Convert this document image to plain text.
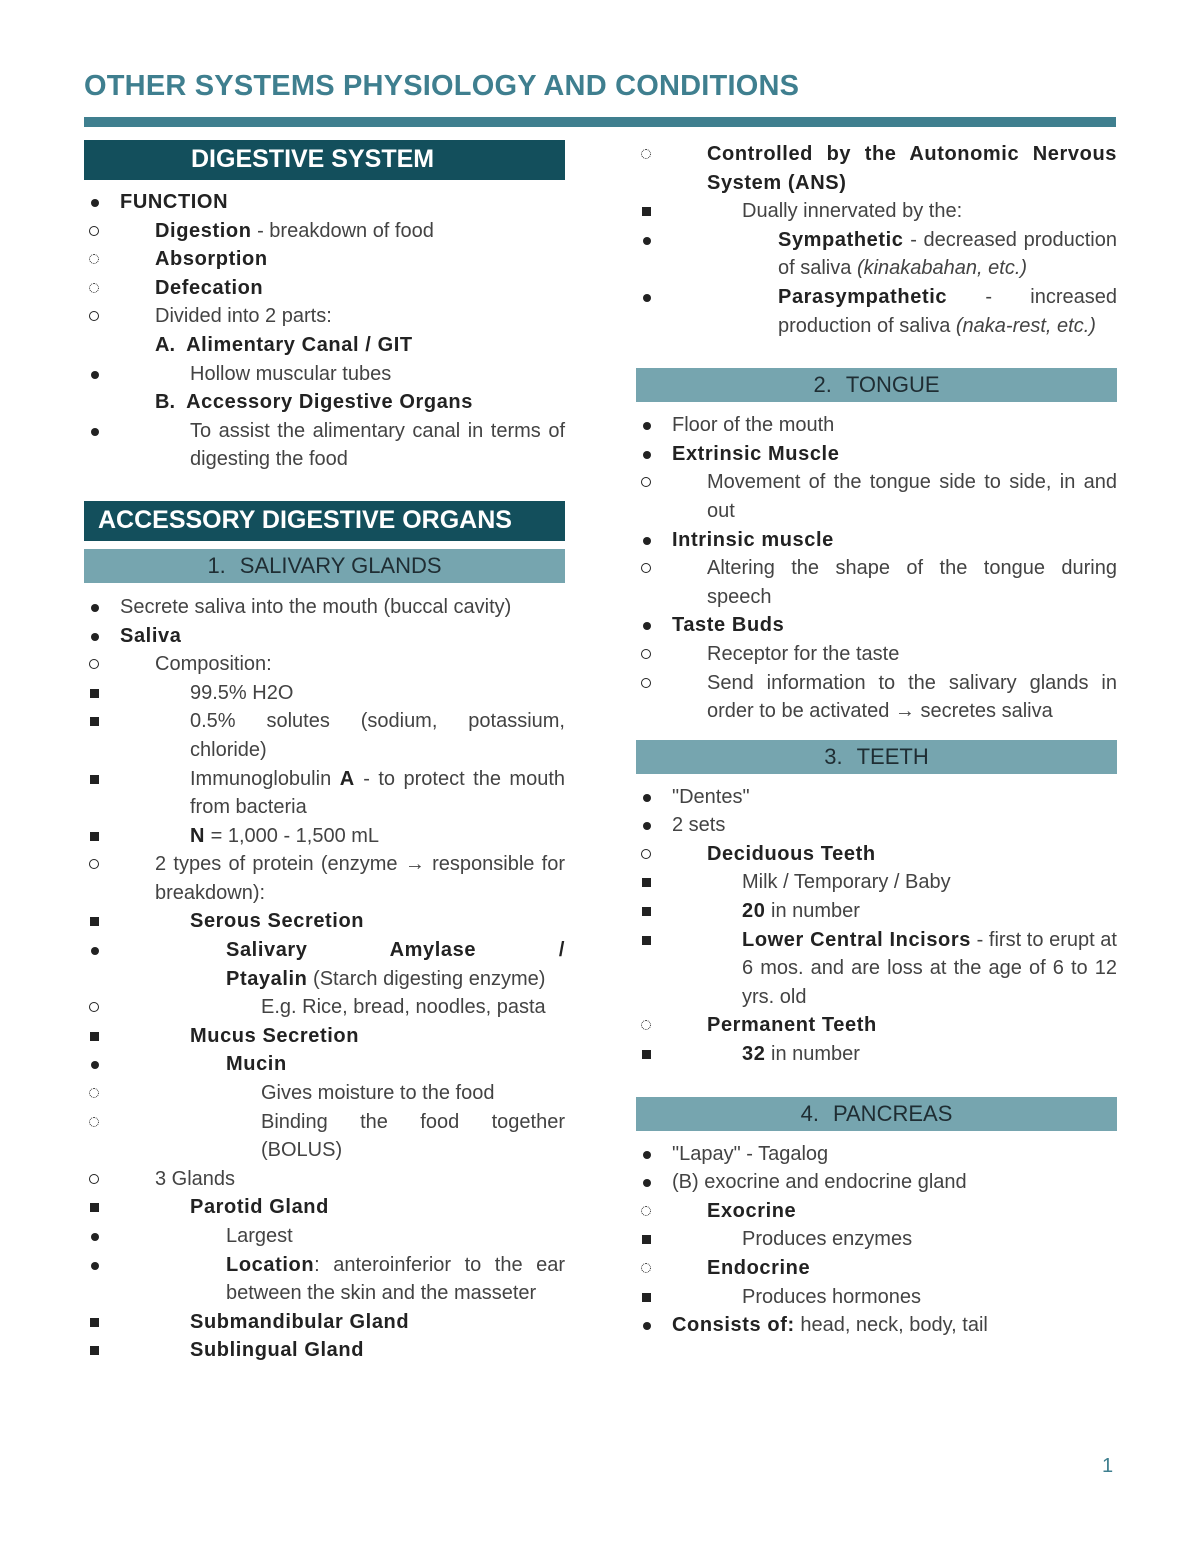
OTHER SYSTEMS PHYSIOLOGY AND CONDITIONS
DIGESTIVE SYSTEM
FUNCTION
Digestion - breakdown of food
Absorption
Defecation
Divided into 2 parts:
A. Alimentary Canal / GIT
Hollow muscular tubes
B. Accessory Digestive Organs
To assist the alimentary canal in terms of digesting the food
ACCESSORY DIGESTIVE ORGANS
1. SALIVARY GLANDS
Secrete saliva into the mouth (buccal cavity)
Saliva
Composition:
99.5% H2O
0.5% solutes (sodium, potassium, chloride)
Immunoglobulin A - to protect the mouth from bacteria
N = 1,000 - 1,500 mL
2 types of protein (enzyme → responsible for breakdown):
Serous Secretion
Salivary Amylase / Ptayalin (Starch digesting enzyme)
E.g. Rice, bread, noodles, pasta
Mucus Secretion
Mucin
Gives moisture to the food
Binding the food together (BOLUS)
3 Glands
Parotid Gland
Largest
Location: anteroinferior to the ear between the skin and the masseter
Submandibular Gland
Sublingual Gland
Controlled by the Autonomic Nervous System (ANS)
Dually innervated by the:
Sympathetic - decreased production of saliva (kinakabahan, etc.)
Parasympathetic - increased production of saliva (naka-rest, etc.)
2. TONGUE
Floor of the mouth
Extrinsic Muscle
Movement of the tongue side to side, in and out
Intrinsic muscle
Altering the shape of the tongue during speech
Taste Buds
Receptor for the taste
Send information to the salivary glands in order to be activated → secretes saliva
3. TEETH
"Dentes"
2 sets
Deciduous Teeth
Milk / Temporary / Baby
20 in number
Lower Central Incisors - first to erupt at 6 mos. and are loss at the age of 6 to 12 yrs. old
Permanent Teeth
32 in number
4. PANCREAS
"Lapay" - Tagalog
(B) exocrine and endocrine gland
Exocrine
Produces enzymes
Endocrine
Produces hormones
Consists of: head, neck, body, tail
1
